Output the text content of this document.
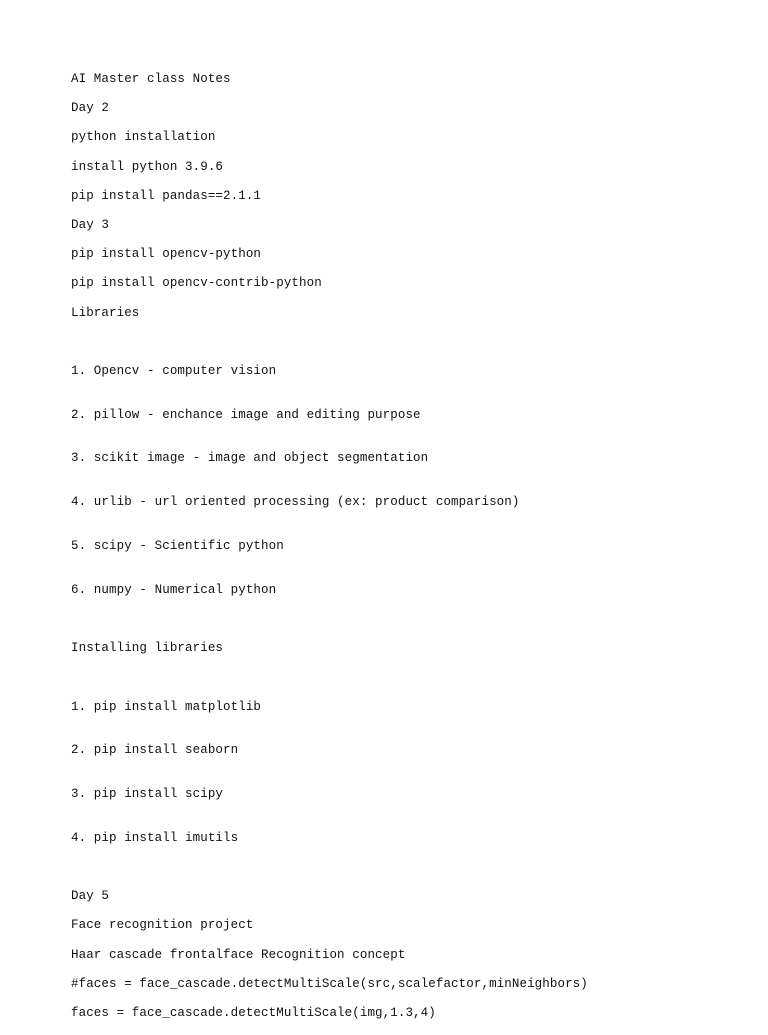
AI Master class Notes
Day 2
python installation
install python 3.9.6
pip install pandas==2.1.1
Day 3
pip install opencv-python
pip install opencv-contrib-python
Libraries

1. Opencv - computer vision

2. pillow - enchance image and editing purpose

3. scikit image - image and object segmentation

4. urlib - url oriented processing (ex: product comparison)

5. scipy - Scientific python

6. numpy - Numerical python

Installing libraries

1. pip install matplotlib

2. pip install seaborn

3. pip install scipy

4. pip install imutils

Day 5
Face recognition project
Haar cascade frontalface Recognition concept
#faces = face_cascade.detectMultiScale(src,scalefactor,minNeighbors)
faces = face_cascade.detectMultiScale(img,1.3,4)
